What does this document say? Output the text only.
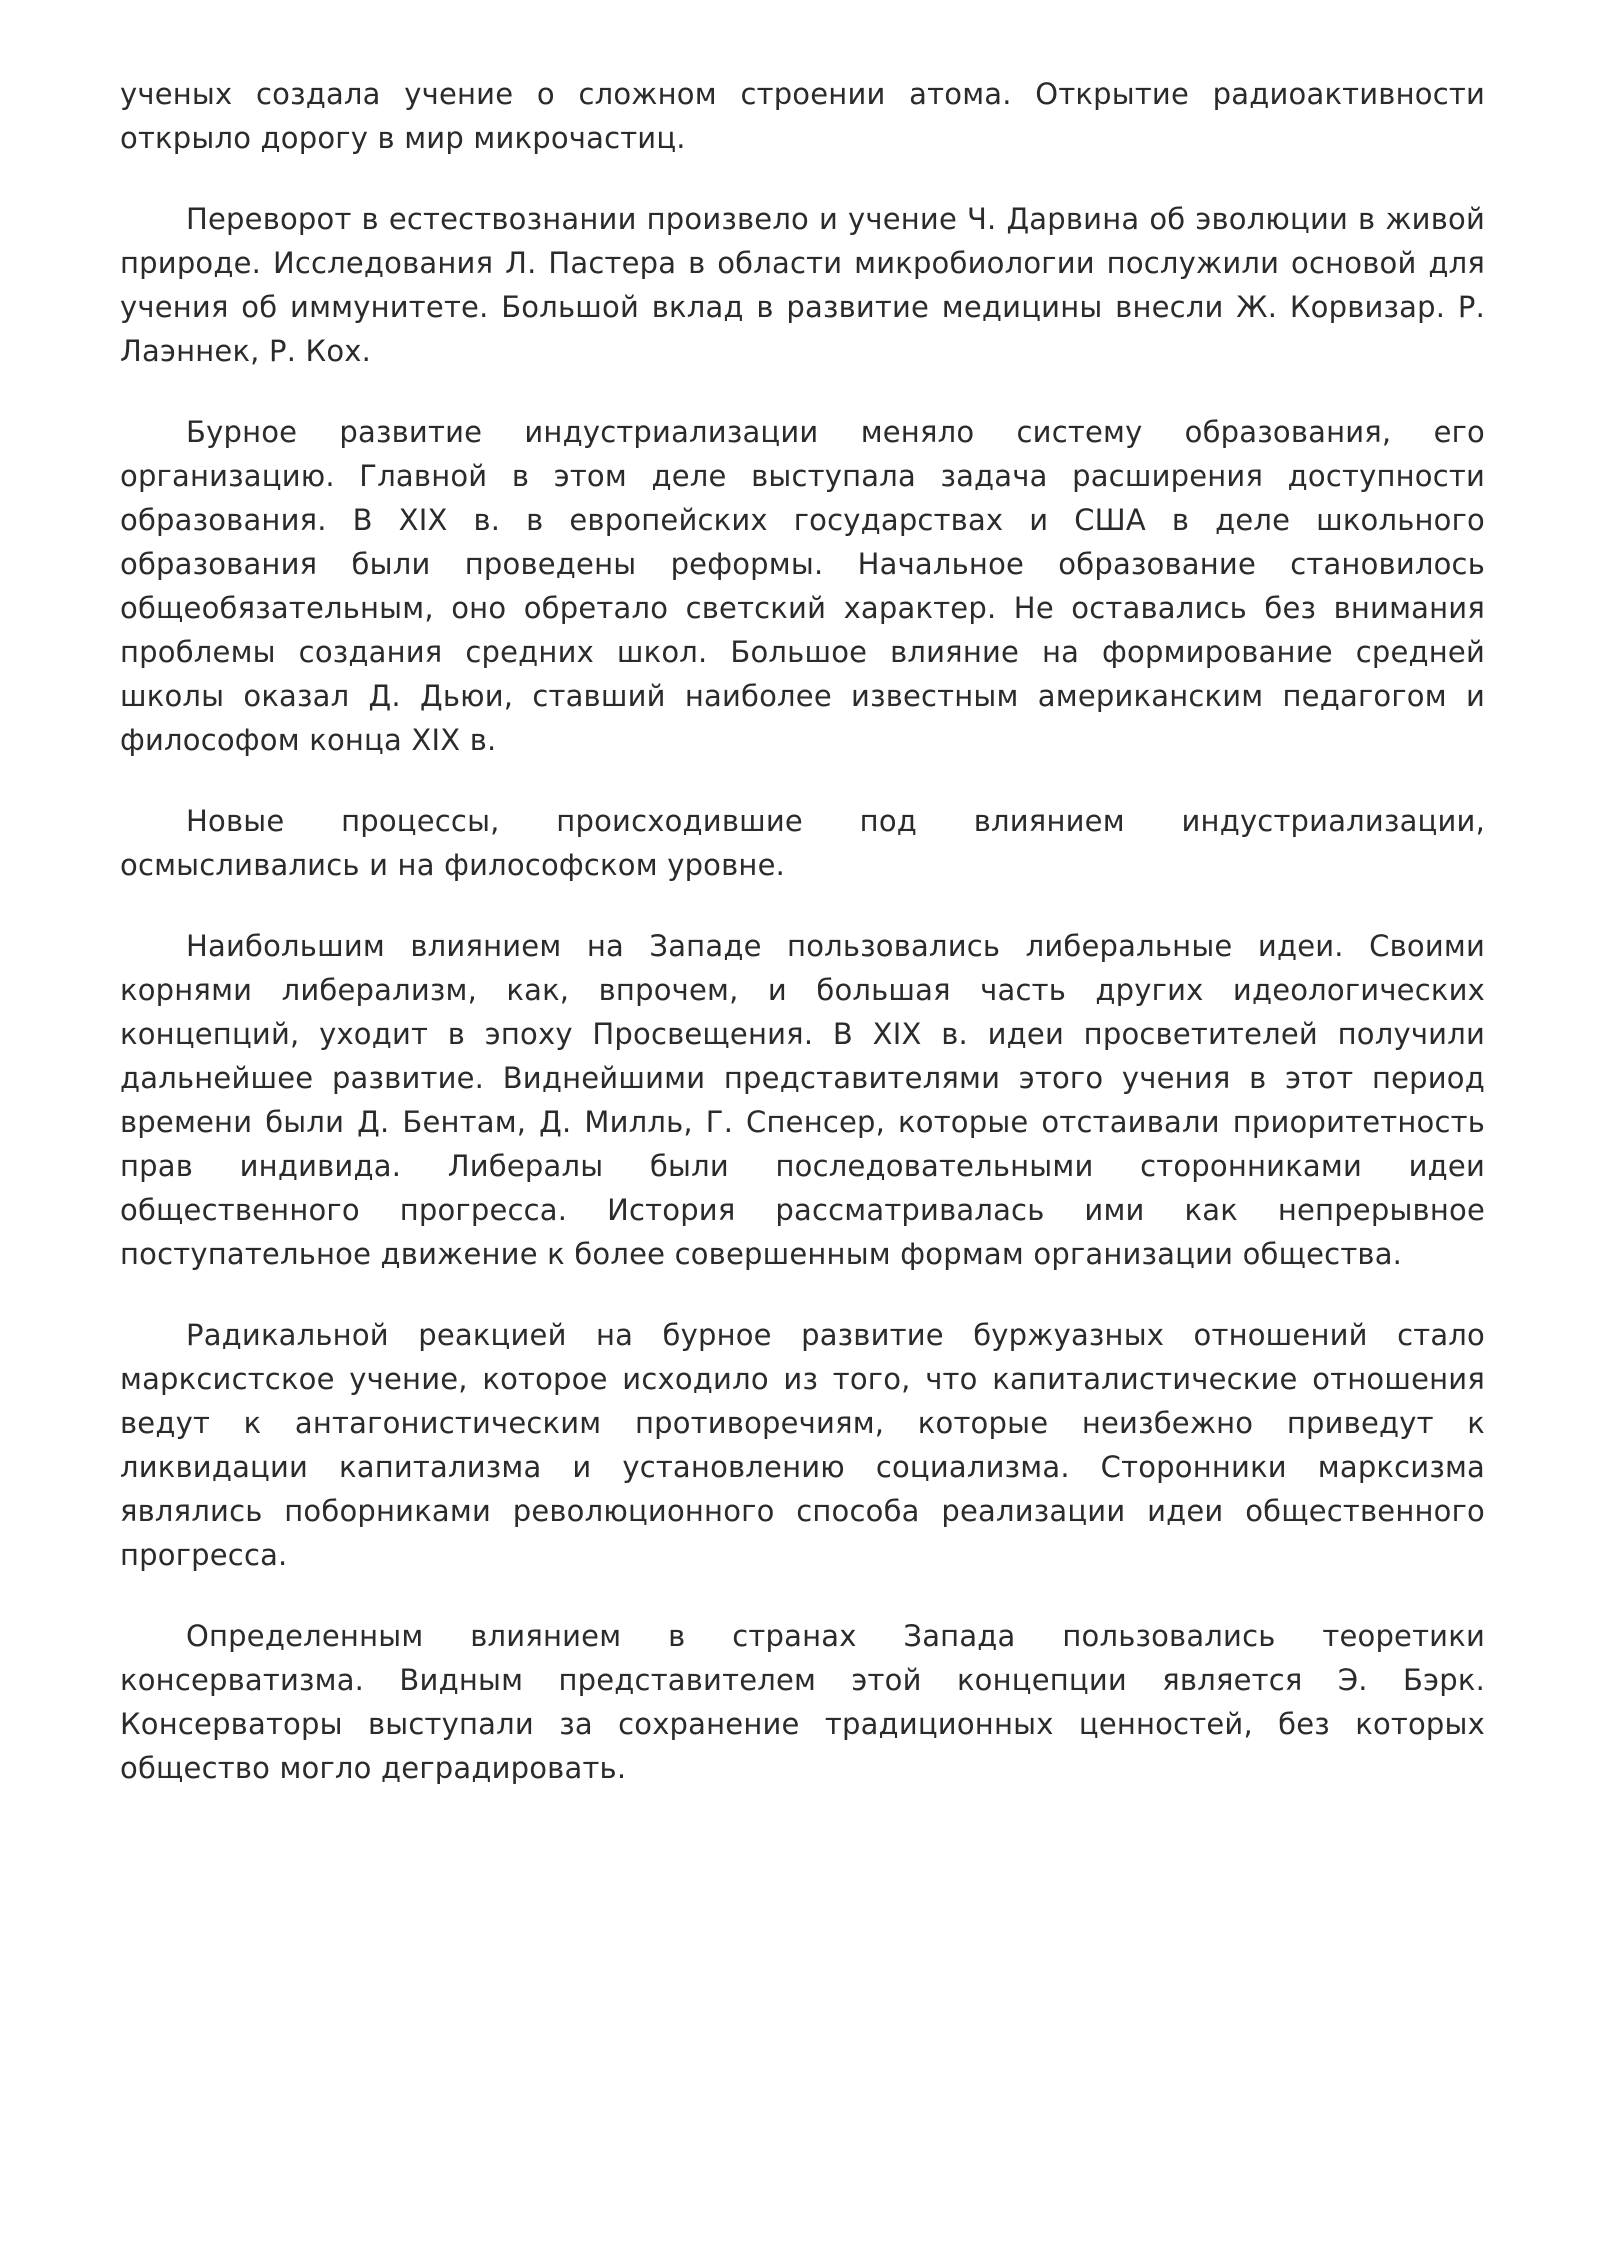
ученых создала учение о сложном строении атома. Открытие радиоактивности открыло дорогу в мир микрочастиц.

Переворот в естествознании произвело и учение Ч. Дарвина об эволюции в живой природе. Исследования Л. Пастера в области микробиологии послужили основой для учения об иммунитете. Большой вклад в развитие медицины внесли Ж. Корвизар. Р. Лаэннек, Р. Кох.

Бурное развитие индустриализации меняло систему образования, его организацию. Главной в этом деле выступала задача расширения доступности образования. В XIX в. в европейских государствах и США в деле школьного образования были проведены реформы. Начальное образование становилось общеобязательным, оно обретало светский характер. Не оставались без внимания проблемы создания средних школ. Большое влияние на формирование средней школы оказал Д. Дьюи, ставший наиболее известным американским педагогом и философом конца XIX в.

Новые процессы, происходившие под влиянием индустриализации, осмысливались и на философском уровне.

Наибольшим влиянием на Западе пользовались либеральные идеи. Своими корнями либерализм, как, впрочем, и большая часть других идеологических концепций, уходит в эпоху Просвещения. В XIX в. идеи просветителей получили дальнейшее развитие. Виднейшими представителями этого учения в этот период времени были Д. Бентам, Д. Милль, Г. Спенсер, которые отстаивали приоритетность прав индивида. Либералы были последовательными сторонниками идеи общественного прогресса. История рассматривалась ими как непрерывное поступательное движение к более совершенным формам организации общества.

Радикальной реакцией на бурное развитие буржуазных отношений стало марксистское учение, которое исходило из того, что капиталистические отношения ведут к антагонистическим противоречиям, которые неизбежно приведут к ликвидации капитализма и установлению социализма. Сторонники марксизма являлись поборниками революционного способа реализации идеи общественного прогресса.

Определенным влиянием в странах Запада пользовались теоретики консерватизма. Видным представителем этой концепции является Э. Бэрк. Консерваторы выступали за сохранение традиционных ценностей, без которых общество могло деградировать.
